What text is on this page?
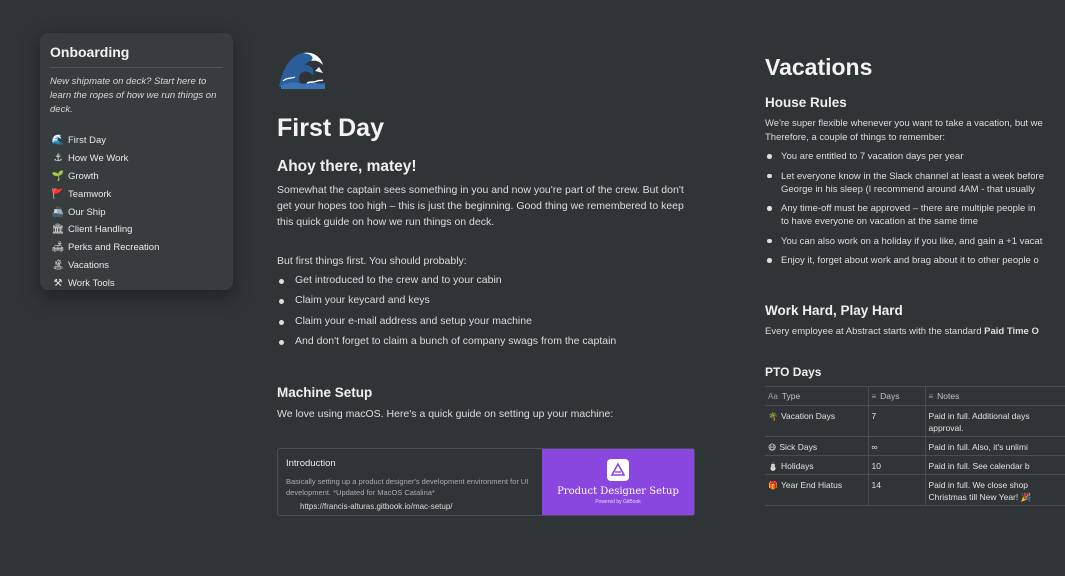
Onboarding
New shipmate on deck? Start here to learn the ropes of how we run things on deck.
🌊 First Day
⚓ How We Work
🌱 Growth
🚩 Teamwork
🚢 Our Ship
🏛 Client Handling
🛋 Perks and Recreation
🏝 Vacations
⚒ Work Tools
First Day
Ahoy there, matey!
Somewhat the captain sees something in you and now you're part of the crew. But don't get your hopes too high – this is just the beginning. Good thing we remembered to keep this quick guide on how we run things on deck.
But first things first. You should probably:
Get introduced to the crew and to your cabin
Claim your keycard and keys
Claim your e-mail address and setup your machine
And don't forget to claim a bunch of company swags from the captain
Machine Setup
We love using macOS. Here's a quick guide on setting up your machine:
Introduction
Basically setting up a product designer's development environment for UI development. *Updated for MacOS Catalina*
https://francis-alturas.gitbook.io/mac-setup/
Product Designer Setup
Powered by GitBook
Vacations
House Rules
We're super flexible whenever you want to take a vacation, but we
Therefore, a couple of things to remember:
You are entitled to 7 vacation days per year
Let everyone know in the Slack channel at least a week before
George in his sleep (I recommend around 4AM - that usually
Any time-off must be approved – there are multiple people in
to have everyone on vacation at the same time
You can also work on a holiday if you like, and gain a +1 vacat
Enjoy it, forget about work and brag about it to other people o
Work Hard, Play Hard
Every employee at Abstract starts with the standard Paid Time O
PTO Days
Aa Type	≡ Days	≡ Notes
🌴 Vacation Days	7	Paid in full. Additional days
approval.
😷 Sick Days	∞	Paid in full. Also, it's unlimi
⛄ Holidays	10	Paid in full. See calendar b
🎁 Year End Hiatus	14	Paid in full. We close shop
Christmas till New Year! 🎉
